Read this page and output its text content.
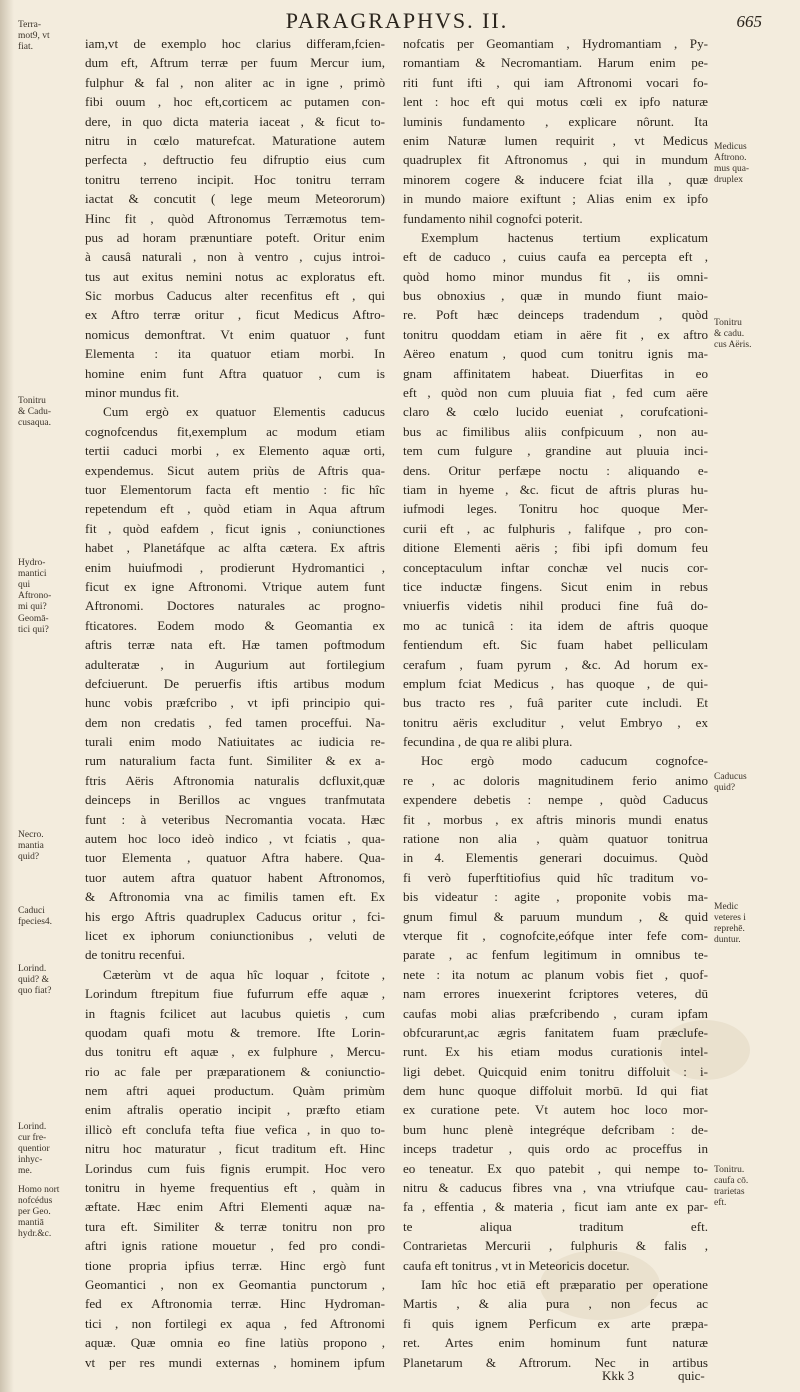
PARAGRAPHVS. II.	665
iam,vt de exemplo hoc clarius differam,fcien-
dum eft, Aftrum terræ per fuum Mercur ium,
fulphur & fal , non aliter ac in igne , primò
fibi ouum , hoc eft,corticem ac putamen con-
dere, in quo dicta materia iaceat , & ficut to-
nitru in cœlo maturefcat. Maturatione autem
perfecta , deftructio feu difruptio eius cum
tonitru terreno incipit. Hoc tonitru terram
iactat & concutit ( lege meum Meteororum)
Hinc fit , quòd Aftronomus Terræmotus tem-
pus ad horam prænuntiare poteft. Oritur enim
à causâ naturali , non à ventro , cujus introi-
tus aut exitus nemini notus ac exploratus eft.
Sic morbus Caducus alter recenfitus eft , qui
ex Aftro terræ oritur , ficut Medicus Aftro-
nomicus demonftrat. Vt enim quatuor , funt
Elementa : ita quatuor etiam morbi. In
homine enim funt Aftra quatuor , cum is
minor mundus fit.
Cum ergò ex quatuor Elementis caducus
cognofcendus fit,exemplum ac modum etiam
tertii caduci morbi , ex Elemento aquæ orti,
expendemus. Sicut autem priùs de Aftris qua-
tuor Elementorum facta eft mentio : fic hîc
repetendum eft , quòd etiam in Aqua aftrum
fit , quòd eafdem , ficut ignis , coniunctiones
habet , Planetáfque ac alfta cætera. Ex aftris
enim huiufmodi , prodierunt Hydromantici ,
ficut ex igne Aftronomi. Vtrique autem funt
Aftronomi. Doctores naturales ac progno-
fticatores. Eodem modo & Geomantia ex
aftris terræ nata eft. Hæ tamen poftmodum
adulteratæ , in Augurium aut fortilegium
defciuerunt. De peruerfis iftis artibus modum
hunc vobis præfcribo , vt ipfi principio qui-
dem non credatis , fed tamen proceffui. Na-
turali enim modo Natiuitates ac iudicia re-
rum naturalium facta funt. Similiter & ex a-
ftris Aëris Aftronomia naturalis dcfluxit,quæ
deinceps in Berillos ac vngues tranfmutata
funt : à veteribus Necromantia vocata. Hæc
autem hoc loco ideò indico , vt fciatis , qua-
tuor Elementa , quatuor Aftra habere. Qua-
tuor autem aftra quatuor habent Aftronomos,
& Aftronomia vna ac fimilis tamen eft. Ex
his ergo Aftris quadruplex Caducus oritur , fci-
licet ex iphorum coniunctionibus , veluti de
de tonitru recenfui.
Cæterùm vt de aqua hîc loquar , fcitote ,
Lorindum ftrepitum fiue fufurrum effe aquæ ,
in ftagnis fcilicet aut lacubus quietis , cum
quodam quafi motu & tremore. Ifte Lorin-
dus tonitru eft aquæ , ex fulphure , Mercu-
rio ac fale per præparationem & coniunctio-
nem aftri aquei productum. Quàm primùm
enim aftralis operatio incipit , præfto etiam
illicò eft conclufa tefta fiue vefica , in quo to-
nitru hoc maturatur , ficut traditum eft. Hinc
Lorindus cum fuis fignis erumpit. Hoc vero
tonitru in hyeme frequentius eft , quàm in
æftate. Hæc enim Aftri Elementi aquæ na-
tura eft. Similiter & terræ tonitru non pro
aftri ignis ratione mouetur , fed pro condi-
tione propria ipfius terræ. Hinc ergò funt
Geomantici , non ex Geomantia punctorum ,
fed ex Aftronomia terræ. Hinc Hydroman-
tici , non fortilegi ex aqua , fed Aftronomi
aquæ. Quæ omnia eo fine latiùs propono ,
vt per res mundi externas , hominem ipfum
nofcatis per Geomantiam , Hydromantiam , Py-
romantiam & Necromantiam. Harum enim pe-
riti funt ifti , qui iam Aftronomi vocari fo-
lent : hoc eft qui motus cœli ex ipfo naturæ
luminis fundamento , explicare nôrunt. Ita
enim Naturæ lumen requirit , vt Medicus
quadruplex fit Aftronomus , qui in mundum
minorem cogere & inducere fciat illa , quæ
in mundo maiore exiftunt ; Alias enim ex ipfo
fundamento nihil cognofci poterit.
Exemplum hactenus tertium explicatum
eft de caduco , cuius caufa ea percepta eft ,
quòd homo minor mundus fit , iis omni-
bus obnoxius , quæ in mundo fiunt maio-
re. Poft hæc deinceps tradendum , quòd
tonitru quoddam etiam in aëre fit , ex aftro
Aëreo enatum , quod cum tonitru ignis ma-
gnam affinitatem habeat. Diuerfitas in eo
eft , quòd non cum pluuia fiat , fed cum aëre
claro & cœlo lucido eueniat , corufcationi-
bus ac fimilibus aliis confpicuum , non au-
tem cum fulgure , grandine aut pluuia inci-
dens. Oritur perfæpe noctu : aliquando e-
tiam in hyeme , &c. ficut de aftris pluras hu-
iufmodi leges. Tonitru hoc quoque Mer-
curii eft , ac fulphuris , falifque , pro con-
ditione Elementi aëris ; fibi ipfi domum feu
conceptaculum inftar conchæ vel nucis cor-
tice inductæ fingens. Sicut enim in rebus
vniuerfis videtis nihil produci fine fuâ do-
mo ac tunicâ : ita idem de aftris quoque
fentiendum eft. Sic fuam habet pelliculam
cerafum , fuam pyrum , &c. Ad horum ex-
emplum fciat Medicus , has quoque , de qui-
bus tracto res , fuâ pariter cute includi. Et
tonitru aëris excluditur , velut Embryo , ex
fecundina , de qua re alibi plura.
Hoc ergò modo caducum cognofce-
re , ac doloris magnitudinem ferio animo
expendere debetis : nempe , quòd Caducus
fit , morbus , ex aftris minoris mundi enatus
ratione non alia , quàm quatuor tonitrua
in 4. Elementis generari docuimus. Quòd
fi verò fuperftitiofius quid hîc traditum vo-
bis videatur : agite , proponite vobis ma-
gnum fimul & paruum mundum , & quid
vterque fit , cognofcite,eófque inter fefe com-
parate , ac fenfum legitimum in omnibus te-
nete : ita notum ac planum vobis fiet , quof-
nam errores inuexerint fcriptores veteres, dū
caufas mobi alias præfcribendo , curam ipfam
obfcurarunt,ac ægris fanitatem fuam præclufe-
runt. Ex his etiam modus curationis intel-
ligi debet. Quicquid enim tonitru diffoluit : i-
dem hunc quoque diffoluit morbū. Id qui fiat
ex curatione pete. Vt autem hoc loco mor-
bum hunc plenè integréque defcribam : de-
inceps tradetur , quis ordo ac proceffus in
eo teneatur. Ex quo patebit , qui nempe to-
nitru & caducus fibres vna , vna vtriufque cau-
fa , effentia , & materia , ficut iam ante ex par-
te aliqua traditum eft.
Contrarietas Mercurii , fulphuris & falis ,
caufa eft tonitrus , vt in Meteoricis docetur.
Iam hîc hoc etiā eft præparatio per operatione
Martis , & alia pura , non fecus ac
fi quis ignem Perficum ex arte præpa-
ret. Artes enim hominum funt naturæ
Planetarum & Aftrorum. Nec in artibus
Terra-
mot9, vt
fiat.
Tonitru
& Cadu-
cusaqua.
Hydro-
mantici
qui
Aftrono-
mi qui?
Geomā-
tici qui?
Necro.
mantia
quid?
Caduci
fpecies4.
Lorind.
quid? &
quo fiat?
Lorind.
cur fre-
quentior
inhyc-
me.
Homo nort
nofcédus
per Geo.
mantiā
hydr.&c.
Medicus
Aftrono.
mus qua-
druplex
Tonitru
& cadu.
cus Aëris.
Caducus
quid?
Medic
veteres i
reprehē.
duntur.
Tonitru.
caufa cō.
trarietas
eft.
Kkk 3	quic-
